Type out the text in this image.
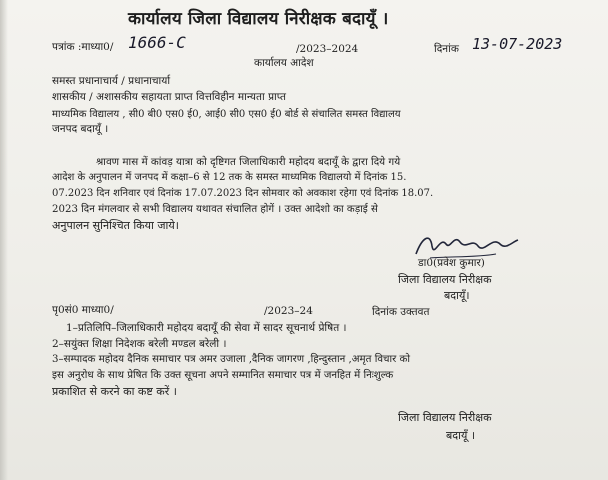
कार्यालय जिला विद्यालय निरीक्षक बदायूँ ।
पत्रांक :माध्या0/ 1666-C	/2023–2024
कार्यालय आदेश
दिनांक 13-07-2023
समस्त प्रधानाचार्य / प्रधानाचार्या
शासकीय / अशासकीय सहायता प्राप्त वित्तविहीन मान्यता प्राप्त
माध्यमिक विद्यालय , सी0 बी0 एस0 ई0, आई0 सी0 एस0 ई0 बोर्ड से संचालित समस्त विद्यालय
जनपद बदायूँ ।
श्रावण मास में कांवड़ यात्रा को दृष्टिगत जिलाधिकारी महोदय बदायूँ के द्वारा दिये गये
आदेश के अनुपालन में जनपद में कक्षा–6 से 12 तक के समस्त माध्यमिक विद्यालयो में दिनांक 15.
07.2023 दिन शनिवार एवं दिनांक 17.07.2023 दिन सोमवार को अवकाश रहेगा एवं दिनांक 18.07.
2023 दिन मंगलवार से सभी विद्यालय यथावत संचालित होगें । उक्त आदेशो का कड़ाई से
अनुपालन सुनिश्चित किया जाये।
डा0(प्रवेश कुमार)
जिला विद्यालय निरीक्षक
बदायूँ।
पृ0सं0 माध्या0/	/2023–24	दिनांक उक्तवत
1–प्रतिलिपि–जिलाधिकारी महोदय बदायूँ की सेवा में सादर सूचनार्थ प्रेषित ।
2–सयुंक्त शिक्षा निदेशक बरेली मण्डल बरेली ।
3–सम्पादक महोदय दैनिक समाचार पत्र अमर उजाला ,दैनिक जागरण ,हिन्दुस्तान ,अमृत विचार को
इस अनुरोध के साथ प्रेषित कि उक्त सूचना अपने सम्मानित समाचार पत्र में जनहित में निःशुल्क
प्रकाशित से करने का कष्ट करें ।
जिला विद्यालय निरीक्षक
बदायूँ ।
